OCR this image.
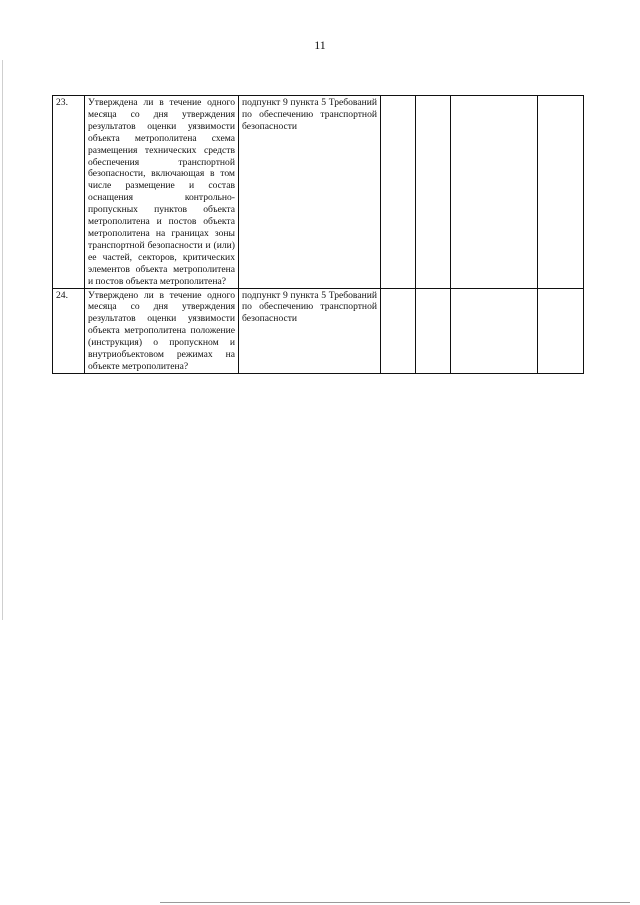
11
23.	Утверждена ли в течение одного месяца со дня утверждения результатов оценки уязвимости объекта метрополитена схема размещения технических средств обеспечения транспортной безопасности, включающая в том числе размещение и состав оснащения контрольно-пропускных пунктов объекта метрополитена и постов объекта метрополитена на границах зоны транспортной безопасности и (или) ее частей, секторов, критических элементов объекта метрополитена и постов объекта метрополитена?	подпункт 9 пункта 5 Требований по обеспечению транспортной безопасности				
24.	Утверждено ли в течение одного месяца со дня утверждения результатов оценки уязвимости объекта метрополитена положение (инструкция) о пропускном и внутриобъектовом режимах на объекте метрополитена?	подпункт 9 пункта 5 Требований по обеспечению транспортной безопасности				
